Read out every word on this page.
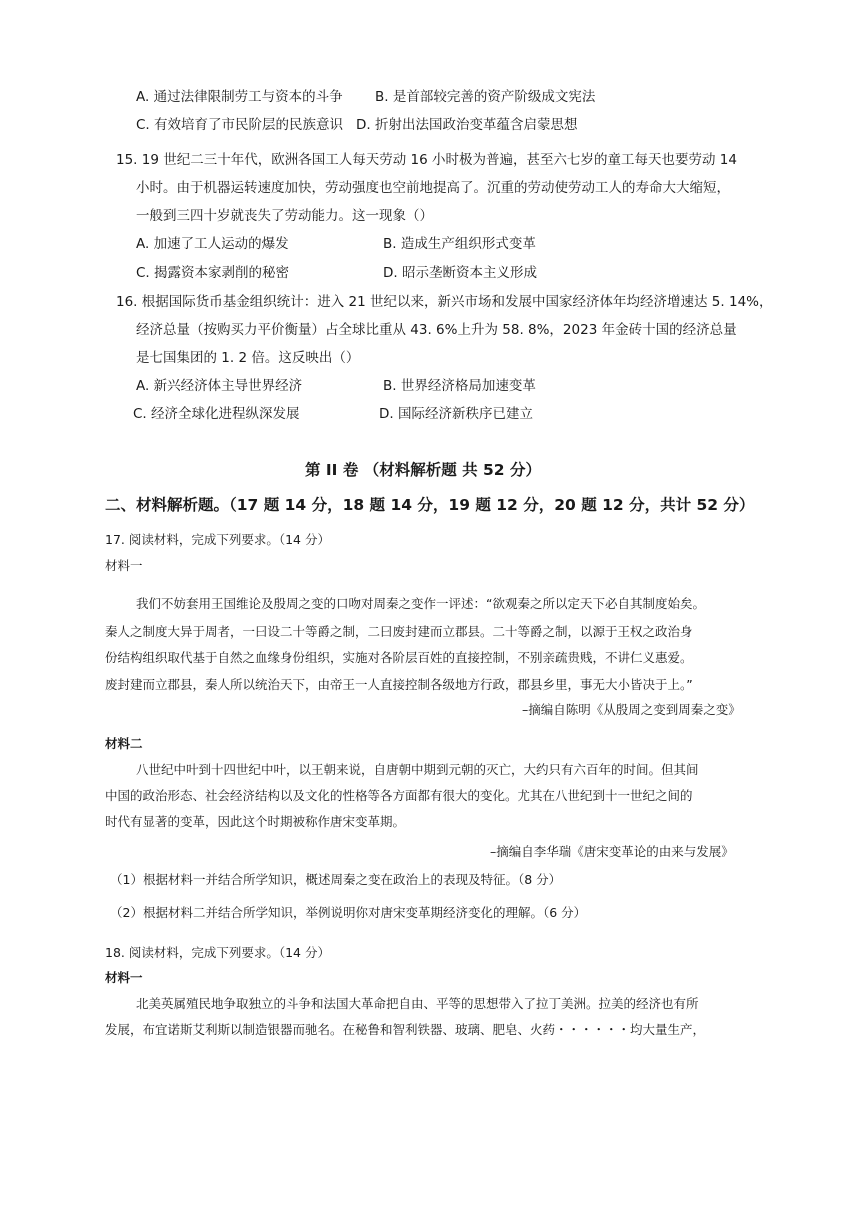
A. 通过法律限制劳工与资本的斗争 B. 是首部较完善的资产阶级成文宪法
C. 有效培育了市民阶层的民族意识 D. 折射出法国政治变革蕴含启蒙思想
15. 19 世纪二三十年代，欧洲各国工人每天劳动 16 小时极为普遍，甚至六七岁的童工每天也要劳动 14
小时。由于机器运转速度加快，劳动强度也空前地提高了。沉重的劳动使劳动工人的寿命大大缩短，
一般到三四十岁就丧失了劳动能力。这一现象（）
A. 加速了工人运动的爆发	B. 造成生产组织形式变革
C. 揭露资本家剥削的秘密	D. 昭示垄断资本主义形成
16. 根据国际货币基金组织统计：进入 21 世纪以来，新兴市场和发展中国家经济体年均经济增速达 5. 14%，
经济总量（按购买力平价衡量）占全球比重从 43. 6%上升为 58. 8%，2023 年金砖十国的经济总量
是七国集团的 1. 2 倍。这反映出（）
A. 新兴经济体主导世界经济	B. 世界经济格局加速变革
C. 经济全球化进程纵深发展	D. 国际经济新秩序已建立
第 II 卷 （材料解析题 共 52 分）
二、材料解析题。（17 题 14 分，18 题 14 分，19 题 12 分，20 题 12 分，共计 52 分）
17. 阅读材料，完成下列要求。（14 分）
材料一
我们不妨套用王国维论及殷周之变的口吻对周秦之变作一评述：“欲观秦之所以定天下必自其制度始矣。
秦人之制度大异于周者，一曰设二十等爵之制，二曰废封建而立郡县。二十等爵之制，以源于王权之政治身
份结构组织取代基于自然之血缘身份组织，实施对各阶层百姓的直接控制，不别亲疏贵贱，不讲仁义惠爱。
废封建而立郡县，秦人所以统治天下，由帝王一人直接控制各级地方行政，郡县乡里，事无大小皆决于上。”
–摘编自陈明《从殷周之变到周秦之变》
材料二
八世纪中叶到十四世纪中叶，以王朝来说，自唐朝中期到元朝的灭亡，大约只有六百年的时间。但其间
中国的政治形态、社会经济结构以及文化的性格等各方面都有很大的变化。尤其在八世纪到十一世纪之间的
时代有显著的变革，因此这个时期被称作唐宋变革期。
–摘编自李华瑞《唐宋变革论的由来与发展》
（1）根据材料一并结合所学知识，概述周秦之变在政治上的表现及特征。（8 分）
（2）根据材料二并结合所学知识，举例说明你对唐宋变革期经济变化的理解。（6 分）
18. 阅读材料，完成下列要求。（14 分）
材料一
北美英属殖民地争取独立的斗争和法国大革命把自由、平等的思想带入了拉丁美洲。拉美的经济也有所
发展，布宜诺斯艾利斯以制造银器而驰名。在秘鲁和智利铁器、玻璃、肥皂、火药・・・・・・均大量生产，
